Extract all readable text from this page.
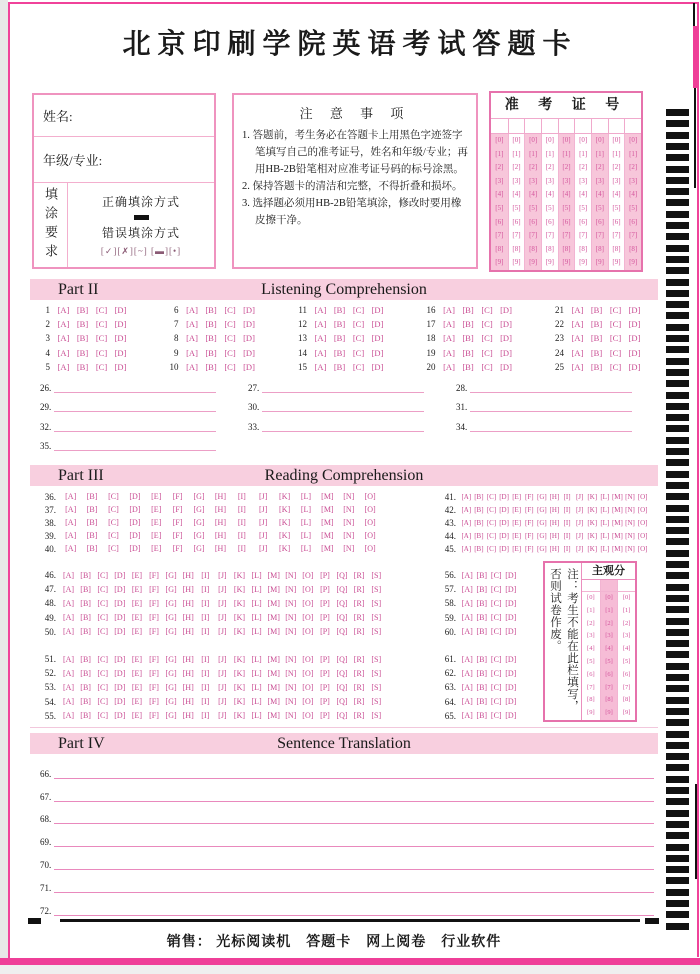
北京印刷学院英语考试答题卡
姓名:
年级/专业:
填涂要求	正确填涂方式
错误填涂方式
[✓][✗][~] [▬][•]
注 意 事 项

1. 答题前，考生务必在答题卡上用黑色字迹签字笔填写自己的准考证号，姓名和年级/专业；再用HB-2B铅笔相对应准考证号码的标号涂黑。

2. 保持答题卡的清洁和完整，不得折叠和损坏。

3. 选择题必须用HB-2B铅笔填涂，修改时要用橡皮擦干净。

准 考 证 号
[0]	[0]	[0]	[0]	[0]	[0]	[0]	[0]	[0]
[1]	[1]	[1]	[1]	[1]	[1]	[1]	[1]	[1]
[2]	[2]	[2]	[2]	[2]	[2]	[2]	[2]	[2]
[3]	[3]	[3]	[3]	[3]	[3]	[3]	[3]	[3]
[4]	[4]	[4]	[4]	[4]	[4]	[4]	[4]	[4]
[5]	[5]	[5]	[5]	[5]	[5]	[5]	[5]	[5]
[6]	[6]	[6]	[6]	[6]	[6]	[6]	[6]	[6]
[7]	[7]	[7]	[7]	[7]	[7]	[7]	[7]	[7]
[8]	[8]	[8]	[8]	[8]	[8]	[8]	[8]	[8]
[9]	[9]	[9]	[9]	[9]	[9]	[9]	[9]	[9]
Listening Comprehension
Part II
1 [A] [B] [C] [D]
2 [A] [B] [C] [D]
3 [A] [B] [C] [D]
4 [A] [B] [C] [D]
5 [A] [B] [C] [D]
6 [A] [B] [C] [D]
7 [A] [B] [C] [D]
8 [A] [B] [C] [D]
9 [A] [B] [C] [D]
10 [A] [B] [C] [D]
11 [A] [B] [C] [D]
12 [A] [B] [C] [D]
13 [A] [B] [C] [D]
14 [A] [B] [C] [D]
15 [A] [B] [C] [D]
16 [A] [B] [C] [D]
17 [A] [B] [C] [D]
18 [A] [B] [C] [D]
19 [A] [B] [C] [D]
20 [A] [B] [C] [D]
21 [A] [B] [C] [D]
22 [A] [B] [C] [D]
23 [A] [B] [C] [D]
24 [A] [B] [C] [D]
25 [A] [B] [C] [D]
26.	27.	28.
29.	30.	31.
32.	33.	34.
35.
Reading Comprehension
Part III
36.	[A]	[B]	[C]	[D]	[E]	[F]	[G]	[H]	[I]	[J]	[K]	[L]	[M]	[N]	[O]
37.	[A]	[B]	[C]	[D]	[E]	[F]	[G]	[H]	[I]	[J]	[K]	[L]	[M]	[N]	[O]
38.	[A]	[B]	[C]	[D]	[E]	[F]	[G]	[H]	[I]	[J]	[K]	[L]	[M]	[N]	[O]
39.	[A]	[B]	[C]	[D]	[E]	[F]	[G]	[H]	[I]	[J]	[K]	[L]	[M]	[N]	[O]
40.	[A]	[B]	[C]	[D]	[E]	[F]	[G]	[H]	[I]	[J]	[K]	[L]	[M]	[N]	[O]
41. [A] [B] [C] [D] [E] [F] [G] [H] [I] [J] [K] [L] [M] [N] [O]
42. [A] [B] [C] [D] [E] [F] [G] [H] [I] [J] [K] [L] [M] [N] [O]
43. [A] [B] [C] [D] [E] [F] [G] [H] [I] [J] [K] [L] [M] [N] [O]
44. [A] [B] [C] [D] [E] [F] [G] [H] [I] [J] [K] [L] [M] [N] [O]
45. [A] [B] [C] [D] [E] [F] [G] [H] [I] [J] [K] [L] [M] [N] [O]
46. [A] [B] [C] [D] [E] [F] [G] [H] [I]	[J] [K] [L] [M] [N] [O] [P] [Q] [R] [S]
47. [A] [B] [C] [D] [E] [F] [G] [H] [I]	[J] [K] [L] [M] [N] [O] [P] [Q] [R] [S]
48. [A] [B] [C] [D] [E] [F] [G] [H] [I]	[J] [K] [L] [M] [N] [O] [P] [Q] [R] [S]
49. [A] [B] [C] [D] [E] [F] [G] [H] [I]	[J] [K] [L] [M] [N] [O] [P] [Q] [R] [S]
50. [A] [B] [C] [D] [E] [F] [G] [H] [I]	[J] [K] [L] [M] [N] [O] [P] [Q] [R] [S]
51. [A] [B] [C] [D] [E] [F] [G] [H] [I]	[J] [K] [L] [M] [N] [O] [P] [Q] [R] [S]
52. [A] [B] [C] [D] [E] [F] [G] [H] [I]	[J] [K] [L] [M] [N] [O] [P] [Q] [R] [S]
53. [A] [B] [C] [D] [E] [F] [G] [H] [I]	[J] [K] [L] [M] [N] [O] [P] [Q] [R] [S]
54. [A] [B] [C] [D] [E] [F] [G] [H] [I]	[J] [K] [L] [M] [N] [O] [P] [Q] [R] [S]
55. [A] [B] [C] [D] [E] [F] [G] [H] [I]	[J] [K] [L] [M] [N] [O] [P] [Q] [R] [S]
56. [A] [B] [C] [D]
57. [A] [B] [C] [D]
58. [A] [B] [C] [D]
59. [A] [B] [C] [D]
60. [A] [B] [C] [D]
61. [A] [B] [C] [D]
62. [A] [B] [C] [D]
63. [A] [B] [C] [D]
64. [A] [B] [C] [D]
65. [A] [B] [C] [D]
注：考生不能在此栏填写，否则试卷作废。	主观分
[0]	[0]	[0]
[1]	[1]	[1]
[2]	[2]	[2]
[3]	[3]	[3]
[4]	[4]	[4]
[5]	[5]	[5]
[6]	[6]	[6]
[7]	[7]	[7]
[8]	[8]	[8]
[9]	[9]	[9]
Sentence Translation
Part IV
66.
67.
68.
69.
70.
71.
72.
销售： 光标阅读机　答题卡　网上阅卷　行业软件
